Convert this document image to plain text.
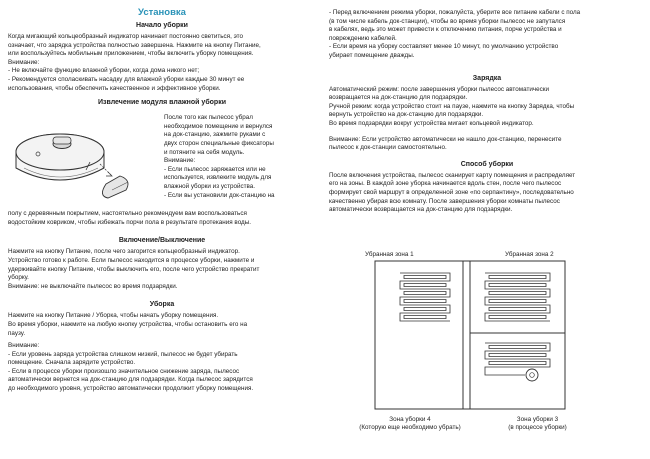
Установка
Начало уборки

Когда мигающий кольцеобразный индикатор начинает постоянно светиться, это
означает, что зарядка устройства полностью завершена. Нажмите на кнопку Питание,
или воспользуйтесь мобильным приложением, чтобы включить уборку помещения.
Внимание:
- Не включайте функцию влажной уборки, когда дома никого нет;
- Рекомендуется споласкивать насадку для влажной уборки каждые 30 минут ее
использования, чтобы обеспечить качественное и эффективное уборки.

Извлечение модуля влажной уборки
После того как пылесос убрал
необходимое помещение и вернулся
на док-станцию, зажмите руками с
двух сторон специальные фиксаторы
и потяните на себя модуль.
Внимание:
- Если пылесос заряжается или не
используется, извлеките модуль для
влажной уборки из устройства.
- Если вы установили док-станцию на

полу с деревянным покрытием, настоятельно рекомендуем вам воспользоваться
водостойким ковриком, чтобы избежать порчи пола в результате протекания воды.

Включение/Выключение

Нажмите на кнопку Питание, после чего загорится кольцеобразный индикатор.
Устройство готово к работе. Если пылесос находится в процессе уборки, нажмите и
удерживайте кнопку Питание, чтобы выключить его, после чего устройство прекратит
уборку.
Внимание: не выключайте пылесос во время подзарядки.

Уборка

Нажмите на кнопку Питание / Уборка, чтобы начать уборку помещения.
Во время уборки, нажмите на любую кнопку устройства, чтобы остановить его на
паузу.

Внимание:
- Если уровень заряда устройства слишком низкий, пылесос не будет убирать
помещение. Сначала зарядите устройство.
- Если в процессе уборки произошло значительное снижение заряда, пылесос
автоматически вернется на док-станцию для подзарядки. Когда пылесос зарядится
до необходимого уровня, устройство автоматически продолжит уборку помещения.

- Перед включением режима уборки, пожалуйста, уберите все питание кабели с пола
(в том числе кабель док-станции), чтобы во время уборки пылесос не запутался
в кабелях, ведь это может привести к отключению питания, порче устройства и
повреждению кабелей.
- Если время на уборку составляет менее 10 минут, по умолчанию устройство
убирает помещение дважды.

Зарядка

Автоматический режим: после завершения уборки пылесос автоматически
возвращается на док-станцию для подзарядки.
Ручной режим: когда устройство стоит на паузе, нажмите на кнопку Зарядка, чтобы
вернуть устройство на док-станцию для подзарядки.
Во время подзарядки вокруг устройства мигает кольцевой индикатор.

Внимание: Если устройство автоматически не нашло док-станцию, перенесите
пылесос к док-станции самостоятельно.

Способ уборки

После включения устройства, пылесос сканирует карту помещения и распределяет
его на зоны. В каждой зоне уборка начинается вдоль стен, после чего пылесос
формирует свой маршрут в определенной зоне «по серпантину», последовательно
качественно убирая всю комнату. После завершения уборки комнаты пылесос
автоматически возвращается на док-станцию для подзарядки.

Убранная зона 1	Убранная зона 2
Зона уборки 4
(Которую еще необходимо убрать)
Зона уборки 3
(в процессе уборки)
